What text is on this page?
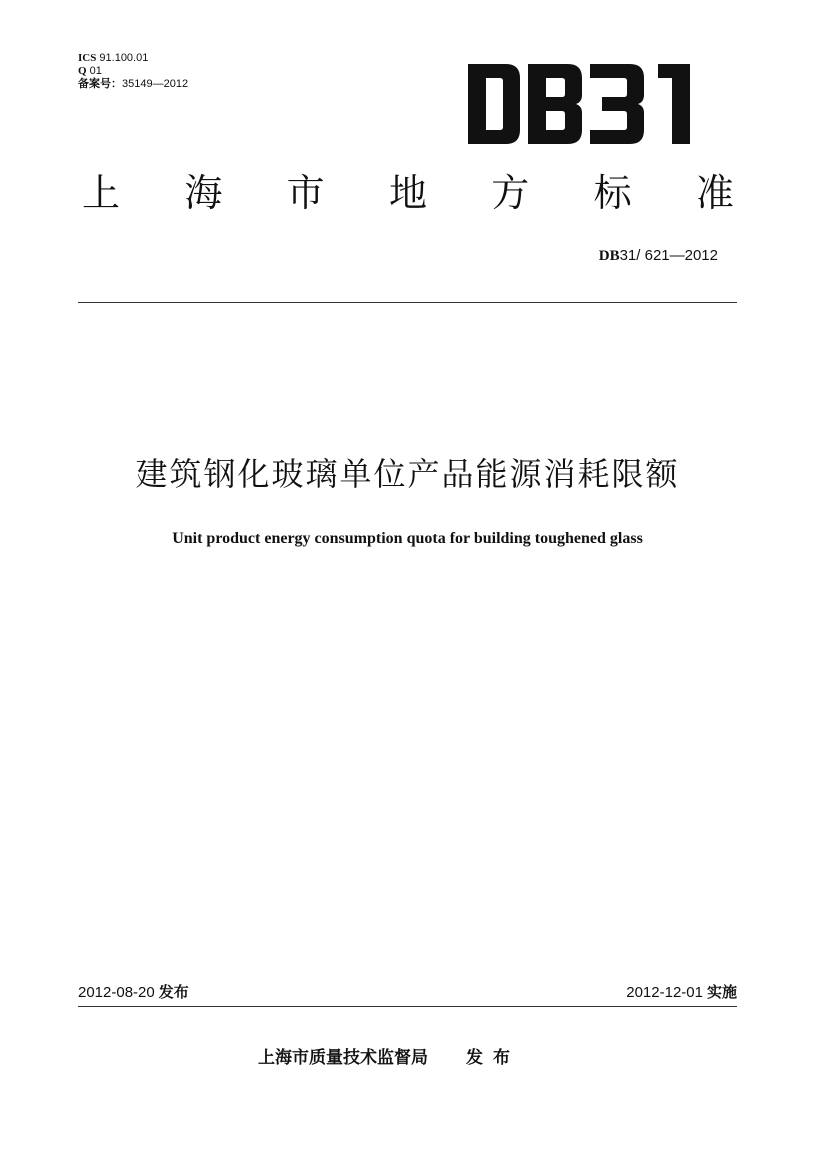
ICS 91.100.01
Q 01
备案号：35149—2012
上 海 市 地 方 标 准
DB31/ 621—2012
建筑钢化玻璃单位产品能源消耗限额
Unit product energy consumption quota for building toughened glass
2012-08-20 发布	2012-12-01 实施
上海市质量技术监督局 发布
